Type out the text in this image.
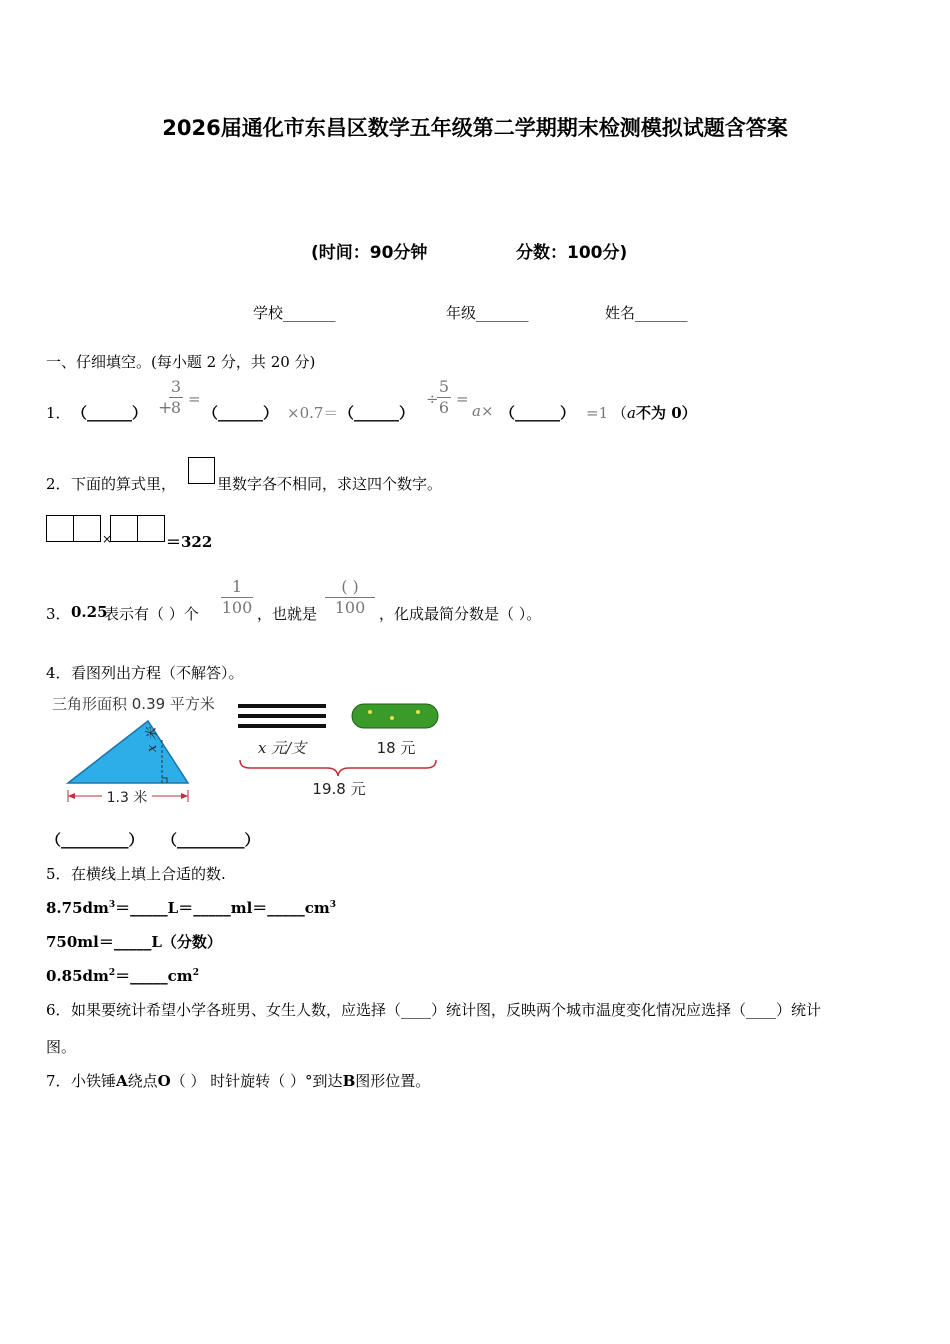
2026届通化市东昌区数学五年级第二学期期末检测模拟试题含答案
(时间：90分钟	分数：100分)
学校_______	年级_______	姓名_______
一、仔细填空。(每小题 2 分，共 20 分)
1． （______） +
3
8 =
（______） ×0.7＝ （______）
÷
5
6 =
a× （______） =1 （a不为 0）
2． 下面的算式里，	里数字各不相同，求这四个数字。
×	＝322
3． 0.25
表示有（ ）个
1
100 ，也就是
( )
100 ，化成最简分数是（ ）。
4． 看图列出方程（不解答）。
三角形面积 0.39 平方米
x 米
1.3 米
x 元/支	18 元
19.8 元
（_________） （_________）
5． 在横线上填上合适的数.
$8.75dm^3=\_\_\_\_\_L=\_\_\_\_\_ml=\_\_\_\_\_cm^3$
750ml＝_____L（分数）
$0.85dm^2=\_\_\_\_\_cm^2$
6． 如果要统计希望小学各班男、女生人数，应选择（____）统计图，反映两个城市温度变化情况应选择（____）统计
图。
7． 小铁锤A绕点O（ ） 时针旋转（ ）°到达B图形位置。
